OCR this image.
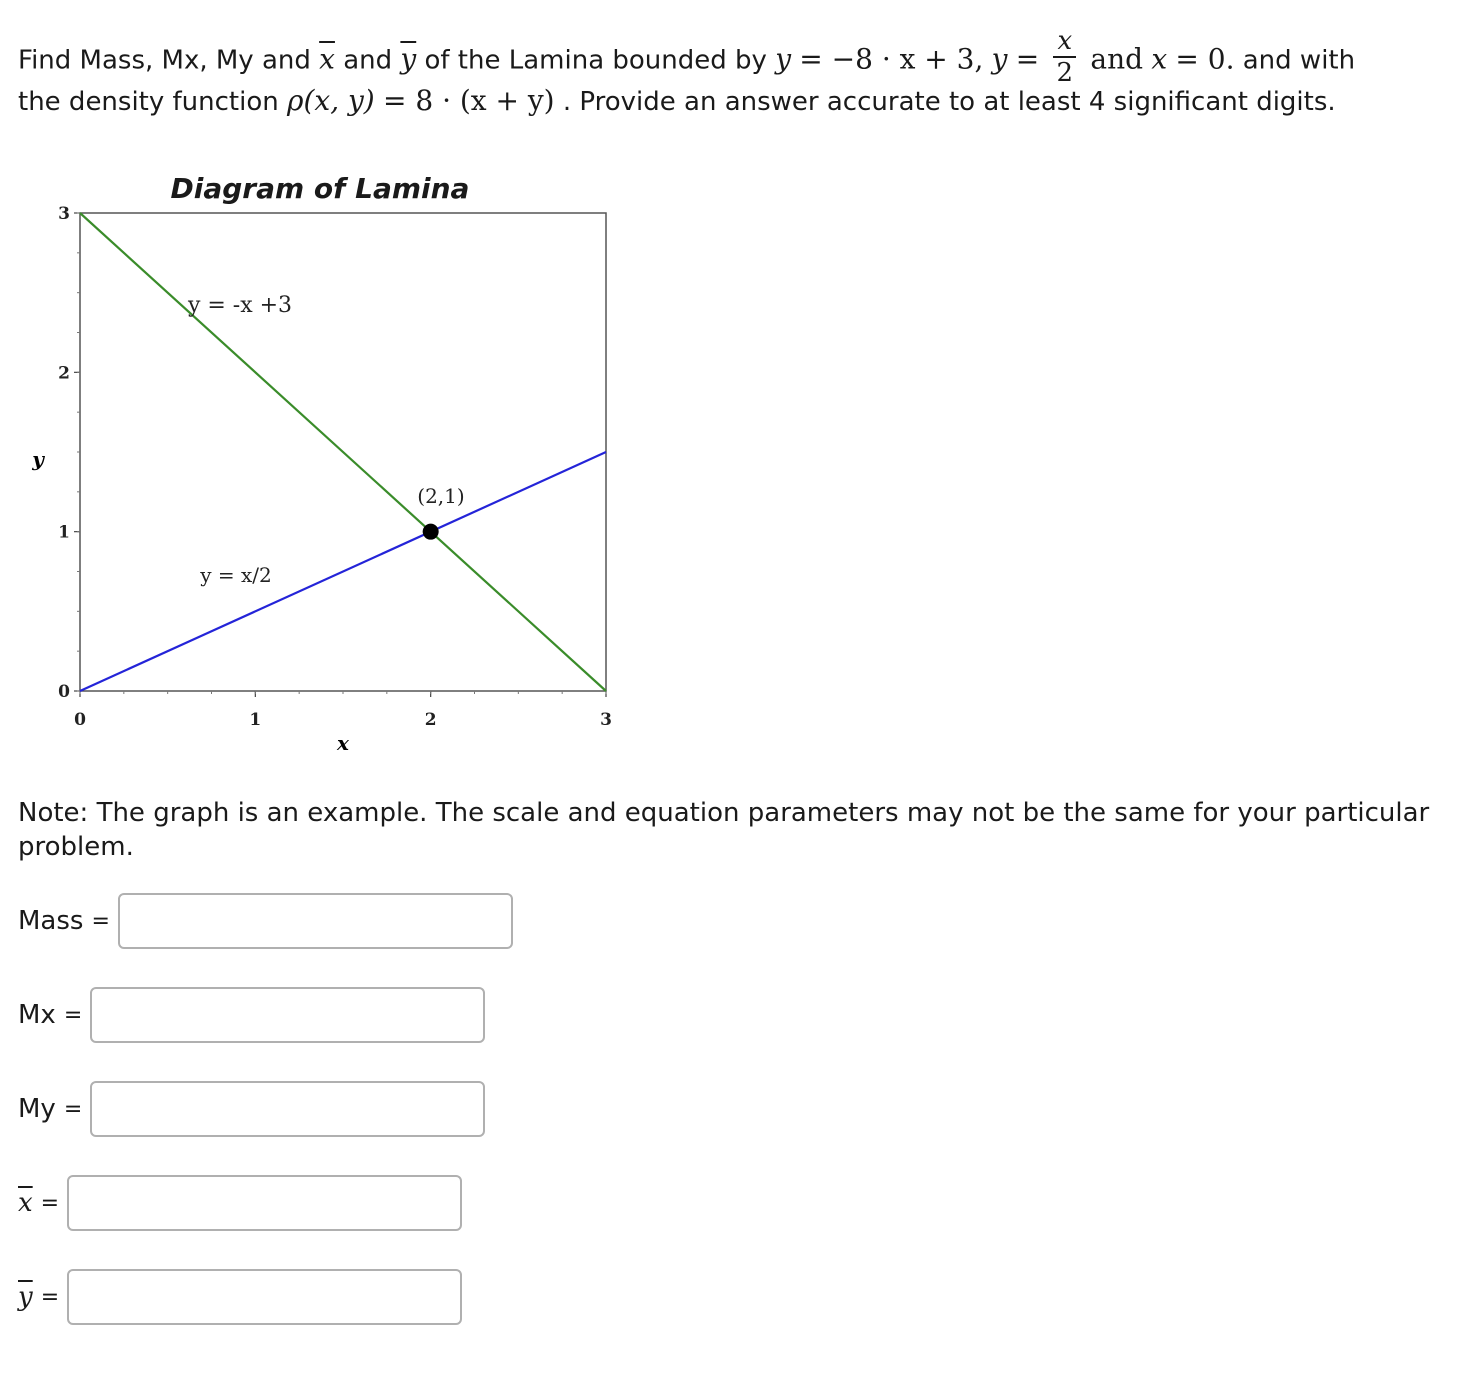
Find Mass, Mx, My and $\overline{x}$ and $\overline{y}$ of the Lamina bounded by y = −8 · x + 3, $y = \frac{x}{2}$ and x = 0. and with
the density function ρ(x, y) = 8 · (x + y) . Provide an answer accurate to at least 4 significant digits.
Diagram of Lamina
0	1	2	3
0
1
2
3
y
x
y = -x +3
y = x/2
(2,1)
Note: The graph is an example. The scale and equation parameters may not be the same for your particular problem.
Mass =
Mx =
My =
$\overline{x}$ =
$\overline{y}$ =
